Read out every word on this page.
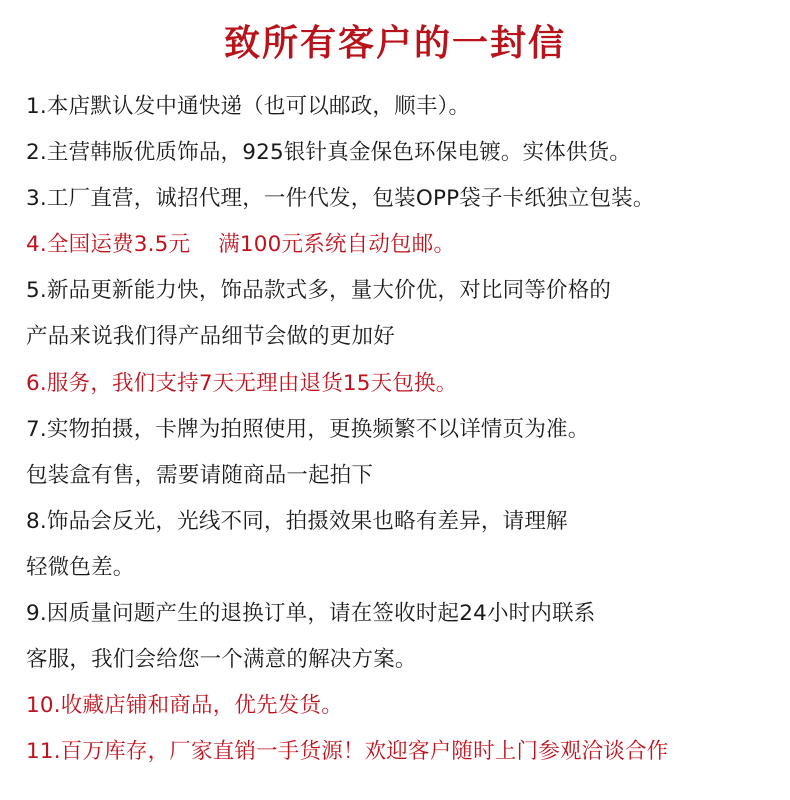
致所有客户的一封信
1.本店默认发中通快递（也可以邮政，顺丰）。
2.主营韩版优质饰品，925银针真金保色环保电镀。实体供货。
3.工厂直营，诚招代理，一件代发，包装OPP袋子卡纸独立包装。
4.全国运费3.5元 满100元系统自动包邮。
5.新品更新能力快，饰品款式多，量大价优，对比同等价格的
产品来说我们得产品细节会做的更加好
6.服务，我们支持7天无理由退货15天包换。
7.实物拍摄，卡牌为拍照使用，更换频繁不以详情页为准。
包装盒有售，需要请随商品一起拍下
8.饰品会反光，光线不同，拍摄效果也略有差异，请理解
轻微色差。
9.因质量问题产生的退换订单，请在签收时起24小时内联系
客服，我们会给您一个满意的解决方案。
10.收藏店铺和商品，优先发货。
11.百万库存，厂家直销一手货源！欢迎客户随时上门参观洽谈合作
